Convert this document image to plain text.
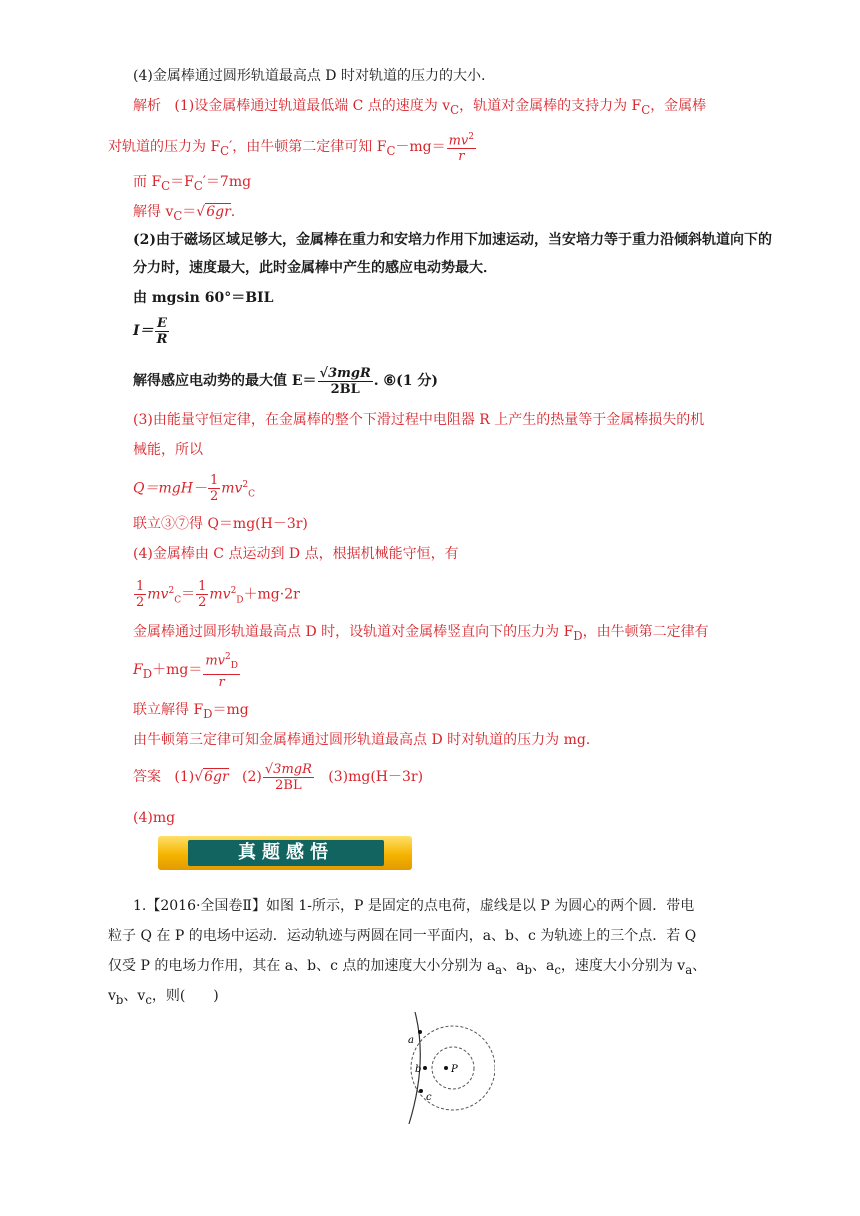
(4)金属棒通过圆形轨道最高点 D 时对轨道的压力的大小.
解析 (1)设金属棒通过轨道最低端 C 点的速度为 $v_C$，轨道对金属棒的支持力为 $F_C$，金属棒
对轨道的压力为 $F_C'$，由牛顿第二定律可知 $F_C-mg= \frac{mv^2}{r}$
而 $F_C=F_C'=7mg$
解得 $v_C=√6gr$.
(2)由于磁场区域足够大，金属棒在重力和安培力作用下加速运动，当安培力等于重力沿倾斜轨道向下的
分力时，速度最大，此时金属棒中产生的感应电动势最大．
由 mgsin 60°＝BIL
$I= \frac{E}{R}$
解得感应电动势的最大值 $E= \frac{\text{√3mgR}}{2BL}$ . ⑥(1 分)
(3)由能量守恒定律，在金属棒的整个下滑过程中电阻器 R 上产生的热量等于金属棒损失的机
械能，所以
$Q=mgH- \frac{1}{2} mv^2_C$
联立③⑦得 Q＝mg(H－3r)
(4)金属棒由 C 点运动到 D 点，根据机械能守恒，有
$\frac{1}{2} mv^2_C= \frac{1}{2} mv^2_D+mg\cdot 2r$
金属棒通过圆形轨道最高点 D 时，设轨道对金属棒竖直向下的压力为 $F_D$，由牛顿第二定律有
$F_D+mg= \frac{mv^2_D}{r}$
联立解得 $F_D=mg$
由牛顿第三定律可知金属棒通过圆形轨道最高点 D 时对轨道的压力为 mg.
答案 (1)√6gr $(2) \frac{\text{√3mgR}}{2BL} (3)mg(H-3r)$
(4)mg
真题感悟
1.【2016·全国卷Ⅱ】如图 1-所示，P 是固定的点电荷，虚线是以 P 为圆心的两个圆．带电
粒子 Q 在 P 的电场中运动．运动轨迹与两圆在同一平面内，a、b、c 为轨迹上的三个点．若 Q
仅受 P 的电场力作用，其在 a、b、c 点的加速度大小分别为 $a_a$、$a_b$、$a_c$，速度大小分别为 $v_a$、
$v_b$、$v_c$，则(　　)
a
b
c
P
